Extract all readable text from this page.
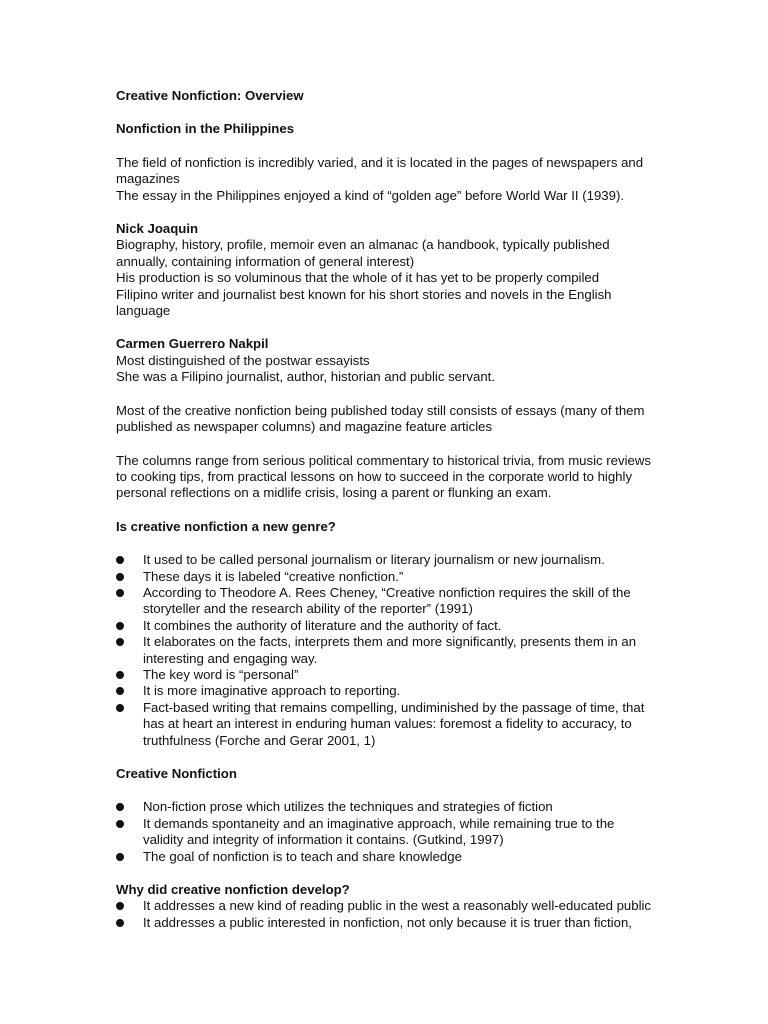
Creative Nonfiction: Overview
Nonfiction in the Philippines

The field of nonfiction is incredibly varied, and it is located in the pages of newspapers and magazines

The essay in the Philippines enjoyed a kind of “golden age” before World War II (1939).

Nick Joaquin

Biography, history, profile, memoir even an almanac (a handbook, typically published annually, containing information of general interest)

His production is so voluminous that the whole of it has yet to be properly compiled

Filipino writer and journalist best known for his short stories and novels in the English language

Carmen Guerrero Nakpil

Most distinguished of the postwar essayists

She was a Filipino journalist, author, historian and public servant.

Most of the creative nonfiction being published today still consists of essays (many of them published as newspaper columns) and magazine feature articles

The columns range from serious political commentary to historical trivia, from music reviews to cooking tips, from practical lessons on how to succeed in the corporate world to highly personal reflections on a midlife crisis, losing a parent or flunking an exam.

Is creative nonfiction a new genre?
It used to be called personal journalism or literary journalism or new journalism.
These days it is labeled “creative nonfiction.”
According to Theodore A. Rees Cheney, “Creative nonfiction requires the skill of the storyteller and the research ability of the reporter” (1991)
It combines the authority of literature and the authority of fact.
It elaborates on the facts, interprets them and more significantly, presents them in an interesting and engaging way.
The key word is “personal”
It is more imaginative approach to reporting.
Fact-based writing that remains compelling, undiminished by the passage of time, that has at heart an interest in enduring human values: foremost a fidelity to accuracy, to truthfulness (Forche and Gerar 2001, 1)
Creative Nonfiction
Non-fiction prose which utilizes the techniques and strategies of fiction
It demands spontaneity and an imaginative approach, while remaining true to the validity and integrity of information it contains. (Gutkind, 1997)
The goal of nonfiction is to teach and share knowledge
Why did creative nonfiction develop?
It addresses a new kind of reading public in the west a reasonably well-educated public
It addresses a public interested in nonfiction, not only because it is truer than fiction,
